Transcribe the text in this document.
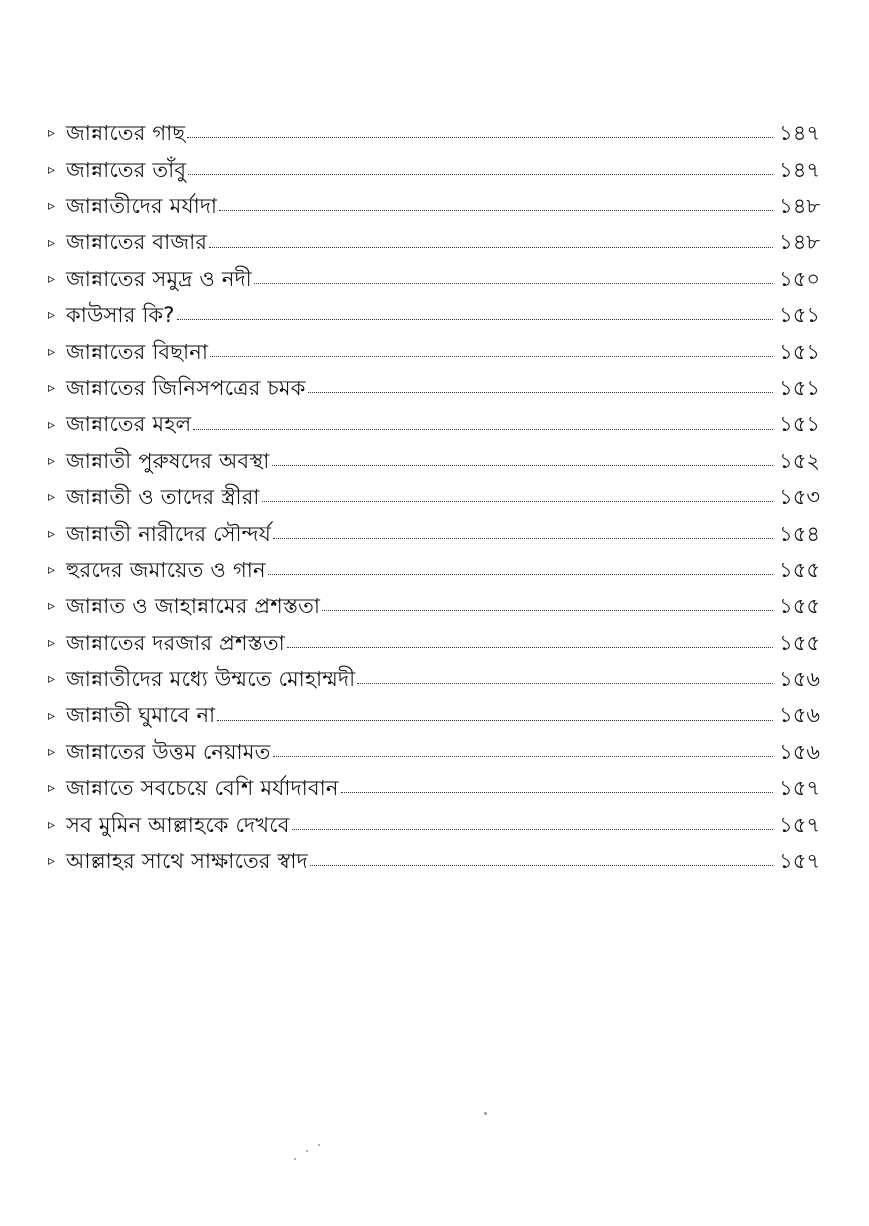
▹ জান্নাতের গাছ	১৪৭
▹ জান্নাতের তাঁবু	১৪৭
▹ জান্নাতীদের মর্যাদা	১৪৮
▹ জান্নাতের বাজার	১৪৮
▹ জান্নাতের সমুদ্র ও নদী	১৫০
▹ কাউসার কি?	১৫১
▹ জান্নাতের বিছানা	১৫১
▹ জান্নাতের জিনিসপত্রের চমক	১৫১
▹ জান্নাতের মহল	১৫১
▹ জান্নাতী পুরুষদের অবস্থা	১৫২
▹ জান্নাতী ও তাদের স্ত্রীরা	১৫৩
▹ জান্নাতী নারীদের সৌন্দর্য	১৫৪
▹ হুরদের জমায়েত ও গান	১৫৫
▹ জান্নাত ও জাহান্নামের প্রশস্ততা	১৫৫
▹ জান্নাতের দরজার প্রশস্ততা	১৫৫
▹ জান্নাতীদের মধ্যে উম্মতে মোহাম্মদী	১৫৬
▹ জান্নাতী ঘুমাবে না	১৫৬
▹ জান্নাতের উত্তম নেয়ামত	১৫৬
▹ জান্নাতে সবচেয়ে বেশি মর্যাদাবান	১৫৭
▹ সব মুমিন আল্লাহকে দেখবে	১৫৭
▹ আল্লাহর সাথে সাক্ষাতের স্বাদ	১৫৭
